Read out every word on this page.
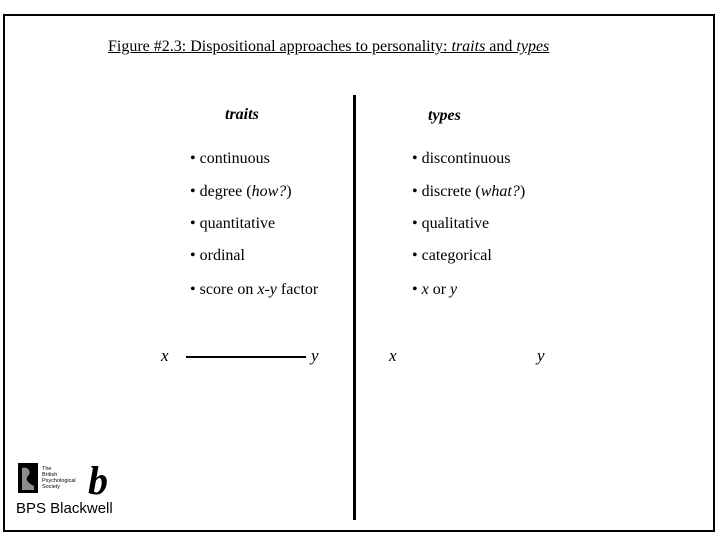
Figure #2.3: Dispositional approaches to personality: traits and types
traits	types
• continuous
• degree (how?)
• quantitative
• ordinal
• score on x-y factor
• discontinuous
• discrete (what?)
• qualitative
• categorical
• x or y
x	y	x	y
The
British
Psychological
Society b
BPS Blackwell
